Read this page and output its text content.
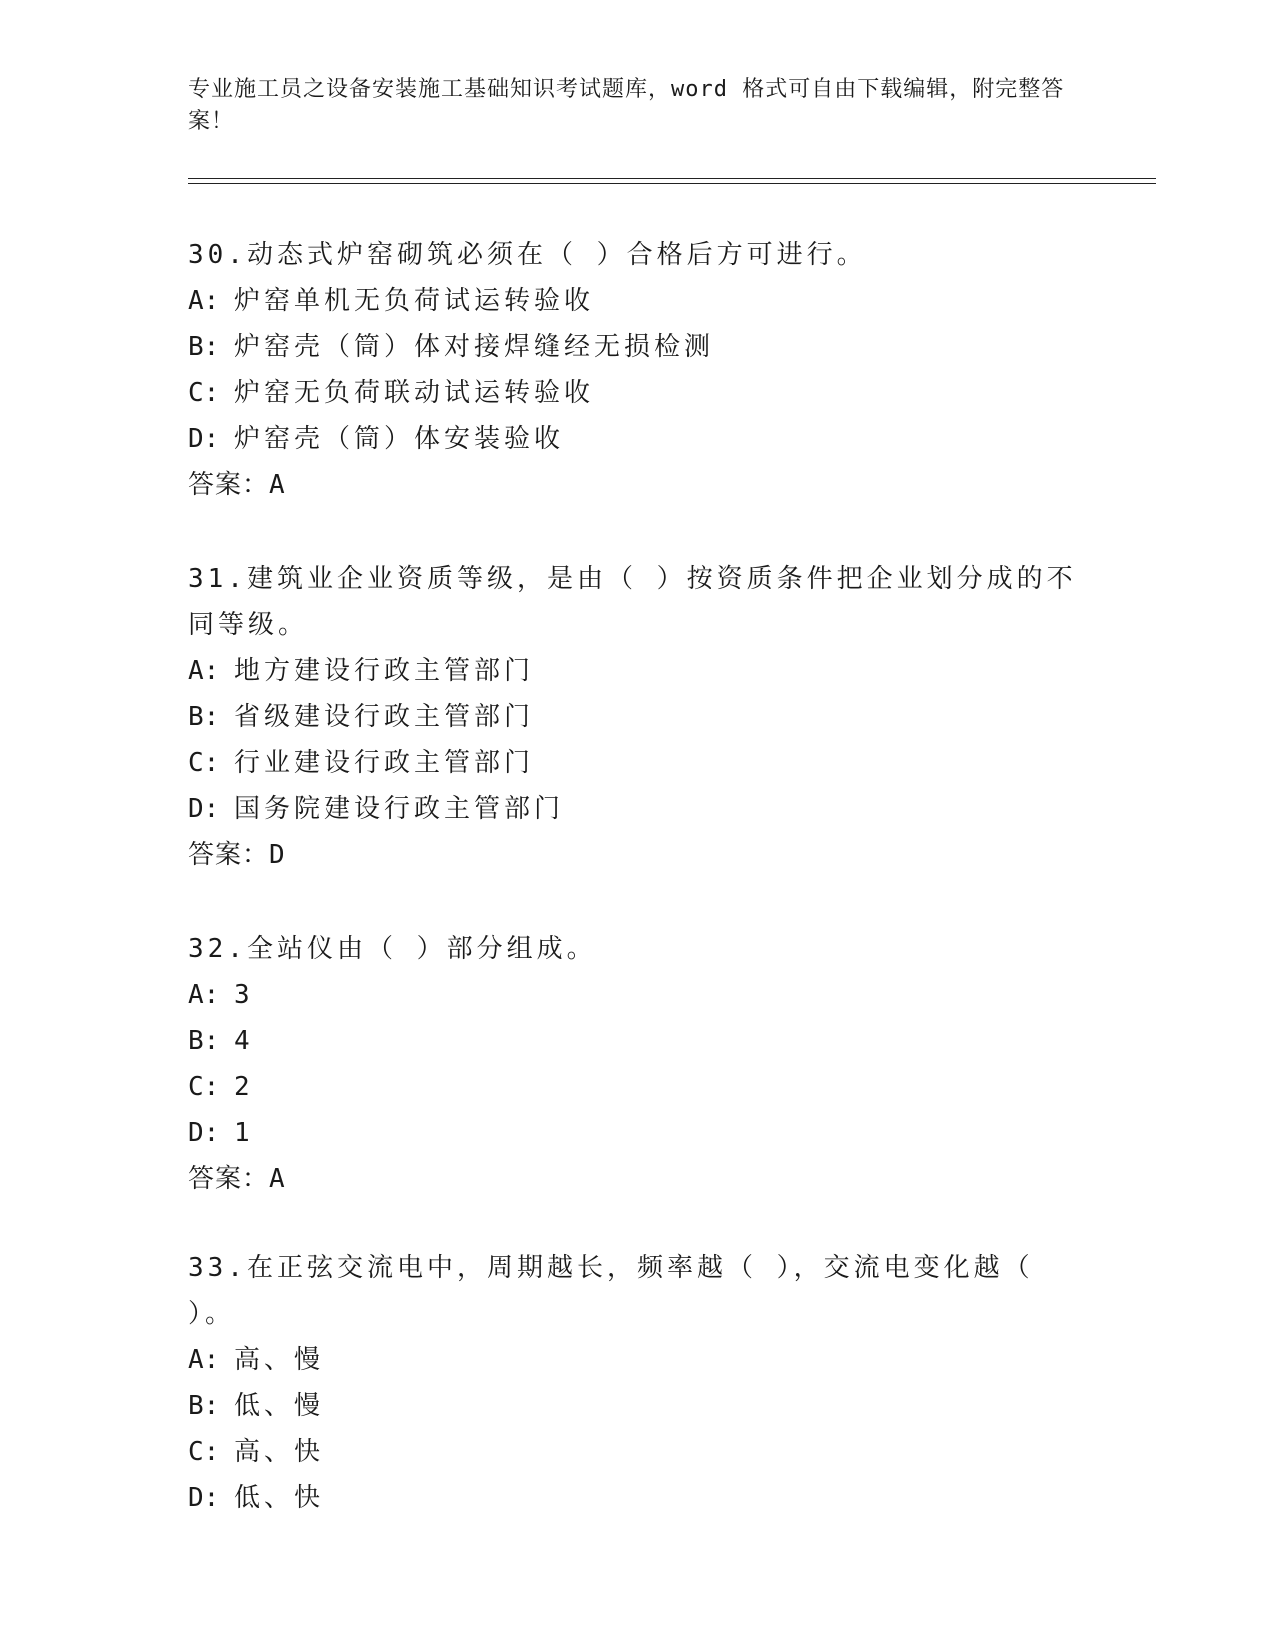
专业施工员之设备安装施工基础知识考试题库，word 格式可自由下载编辑，附完整答案！

30.动态式炉窑砌筑必须在（ ）合格后方可进行。

A: 炉窑单机无负荷试运转验收

B: 炉窑壳（筒）体对接焊缝经无损检测

C: 炉窑无负荷联动试运转验收

D: 炉窑壳（筒）体安装验收

答案：A

31.建筑业企业资质等级，是由（ ）按资质条件把企业划分成的不同等级。

A: 地方建设行政主管部门

B: 省级建设行政主管部门

C: 行业建设行政主管部门

D: 国务院建设行政主管部门

答案：D

32.全站仪由（ ）部分组成。

A: 3

B: 4

C: 2

D: 1

答案：A

33.在正弦交流电中，周期越长，频率越（ ），交流电变化越（ ）。

A: 高、慢

B: 低、慢

C: 高、快

D: 低、快
